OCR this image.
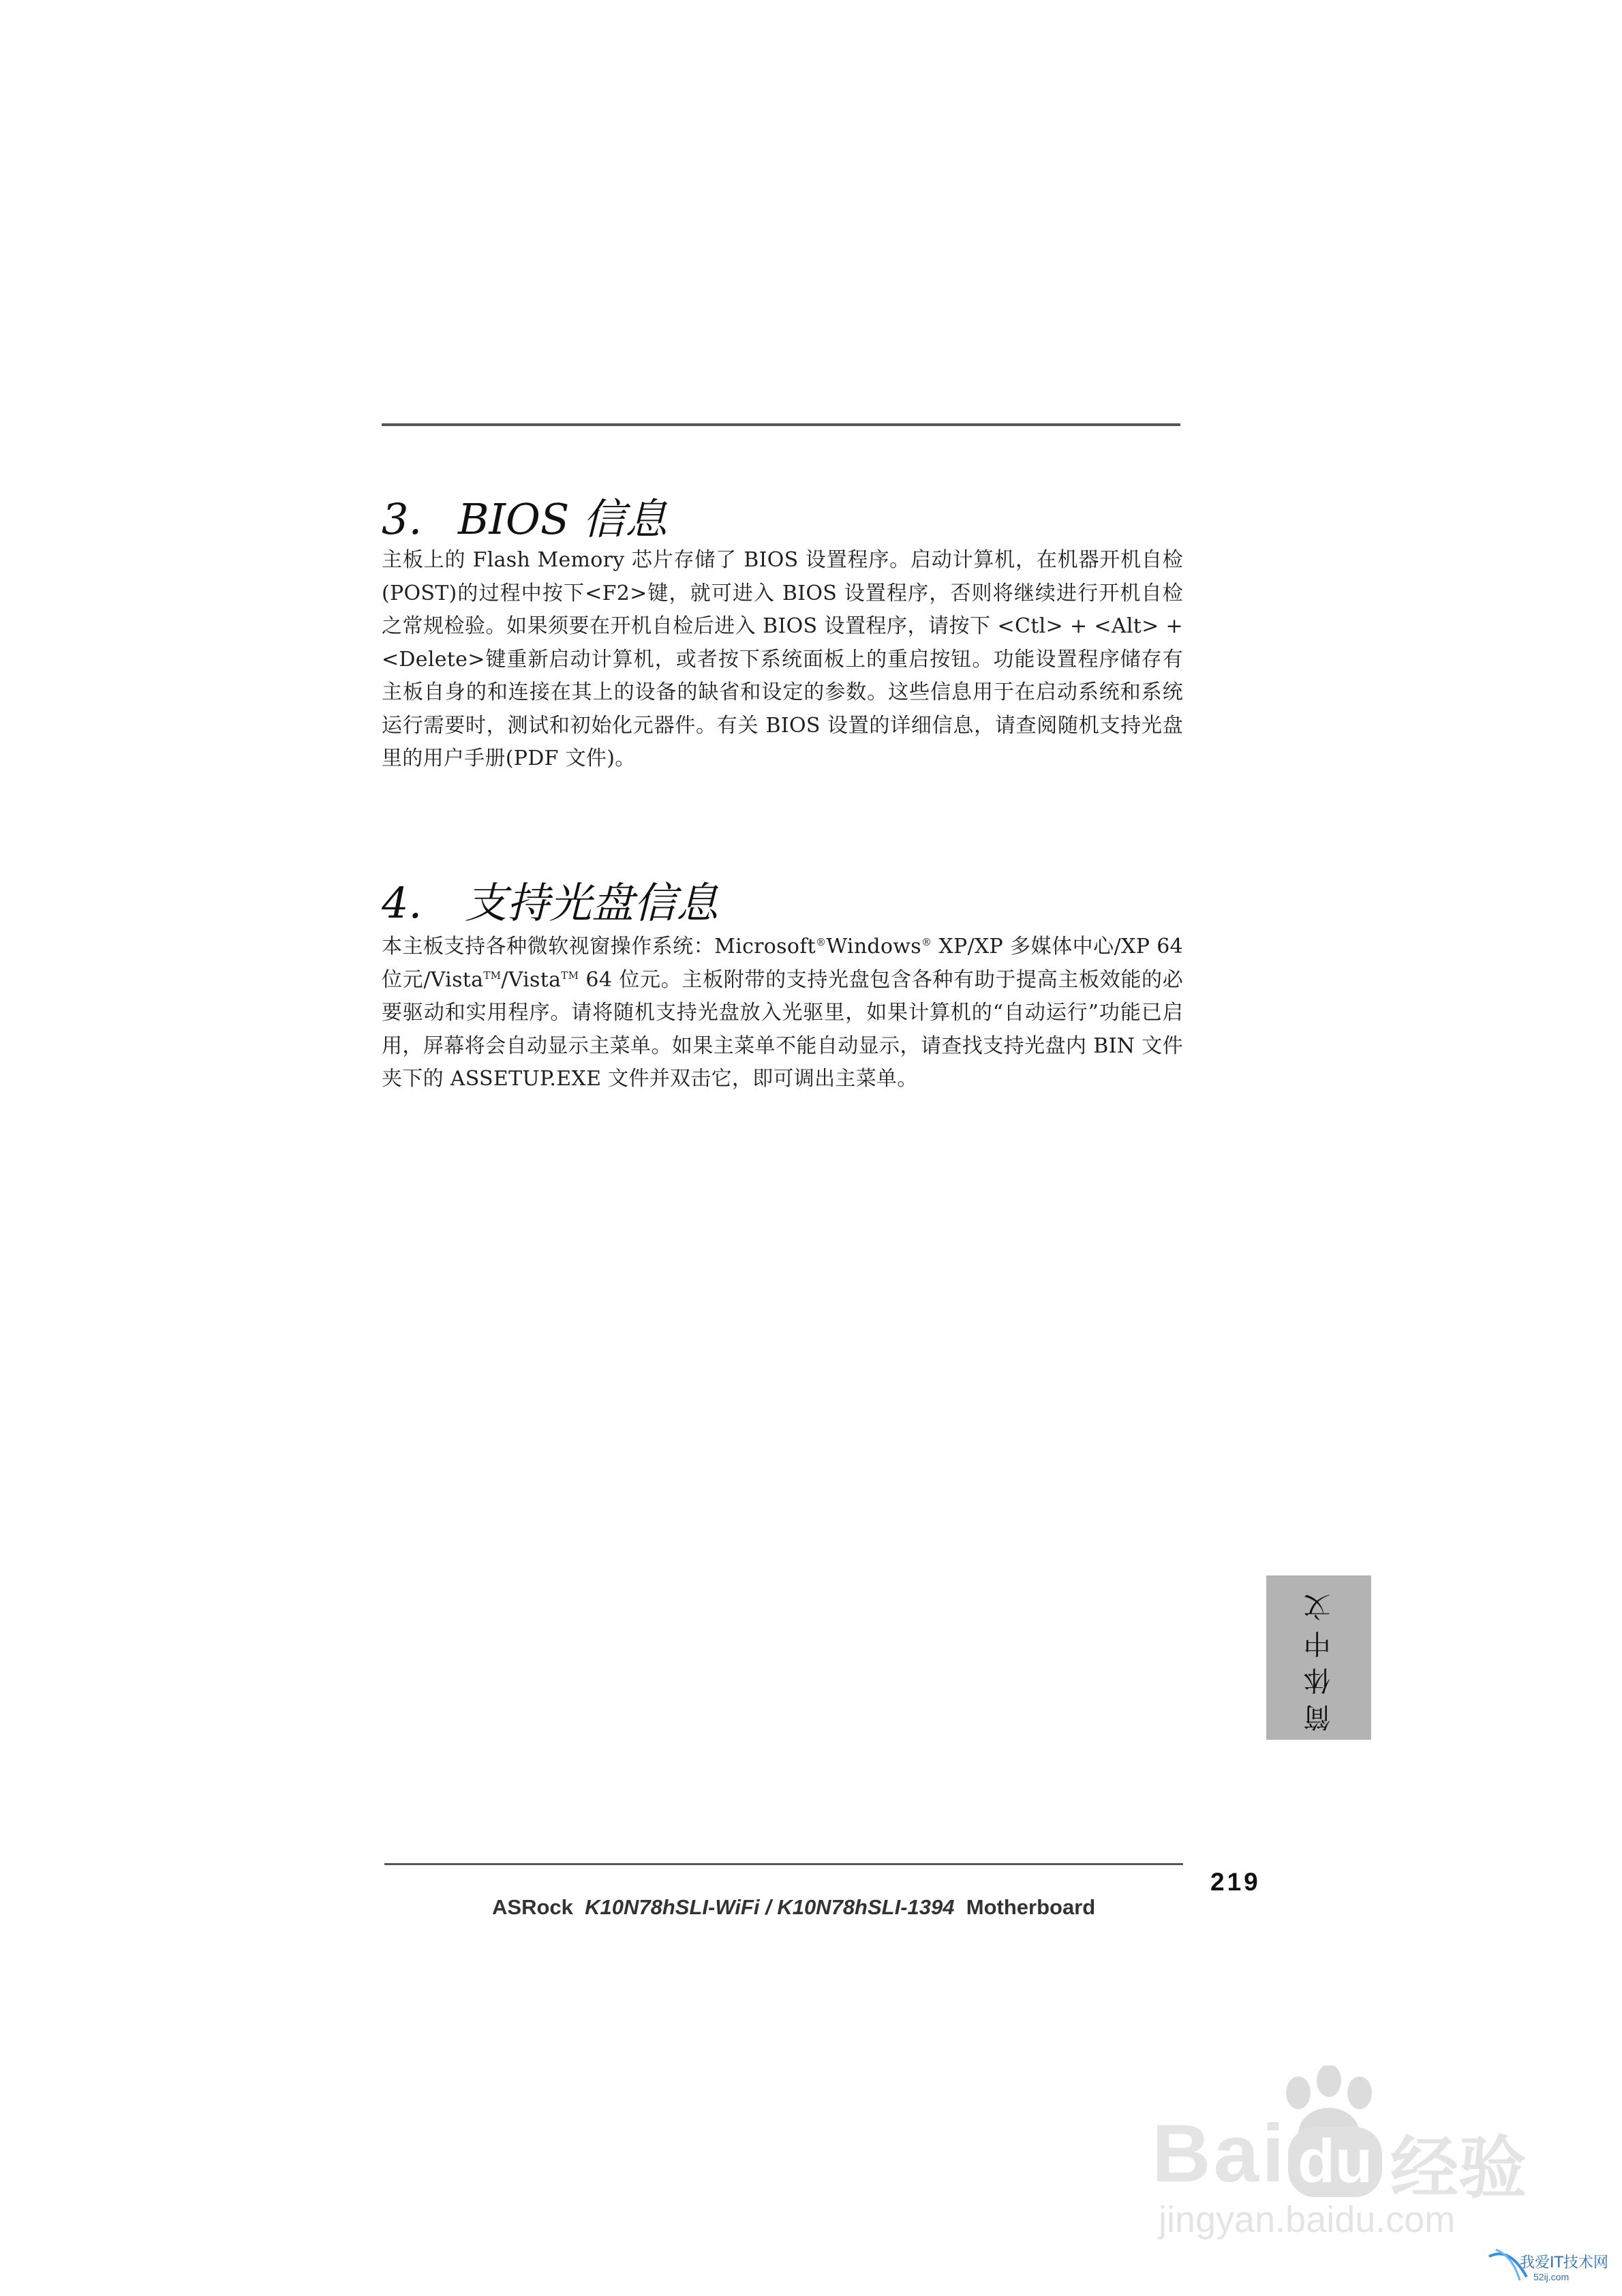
3. BIOS 信息

主板上的 Flash Memory 芯片存储了 BIOS 设置程序。启动计算机，在机器开机自检(POST)的过程中按下<F2>键，就可进入 BIOS 设置程序，否则将继续进行开机自检之常规检验。如果须要在开机自检后进入 BIOS 设置程序，请按下 <Ctl> + <Alt> + <Delete>键重新启动计算机，或者按下系统面板上的重启按钮。功能设置程序储存有主板自身的和连接在其上的设备的缺省和设定的参数。这些信息用于在启动系统和系统运行需要时，测试和初始化元器件。有关 BIOS 设置的详细信息，请查阅随机支持光盘里的用户手册(PDF 文件)。

4. 支持光盘信息

本主板支持各种微软视窗操作系统：Microsoft®Windows® XP/XP 多媒体中心/XP 64 位元/Vista™/Vista™ 64 位元。主板附带的支持光盘包含各种有助于提高主板效能的必要驱动和实用程序。请将随机支持光盘放入光驱里，如果计算机的“自动运行”功能已启用，屏幕将会自动显示主菜单。如果主菜单不能自动显示，请查找支持光盘内 BIN 文件夹下的 ASSETUP.EXE 文件并双击它，即可调出主菜单。

简体中文
219
ASRock K10N78hSLI-WiFi / K10N78hSLI-1394 Motherboard
Bai du 经验
jingyan.baidu.com
我爱IT技术网
52ij.com
